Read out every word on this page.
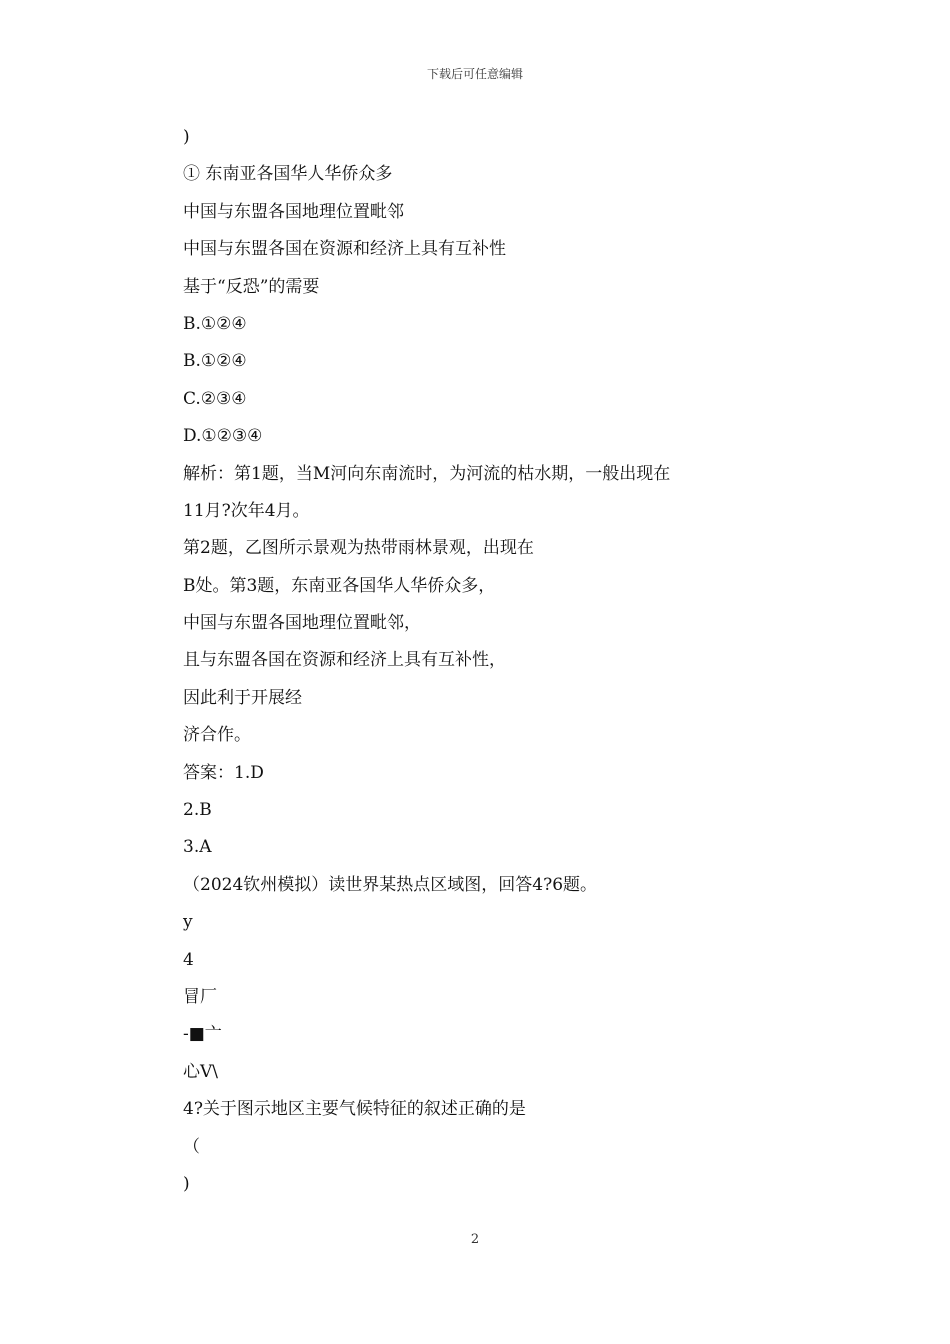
下载后可任意编辑
)
① 东南亚各国华人华侨众多
中国与东盟各国地理位置毗邻
中国与东盟各国在资源和经济上具有互补性
基于“反恐”的需要
B.①②④
B.①②④
C.②③④
D.①②③④
解析：第1题，当M河向东南流时，为河流的枯水期，一般出现在
11月?次年4月。
第2题，乙图所示景观为热带雨林景观，出现在
B处。第3题，东南亚各国华人华侨众多，
中国与东盟各国地理位置毗邻，
且与东盟各国在资源和经济上具有互补性，
因此利于开展经
济合作。
答案：1.D
2.B
3.A
（2024钦州模拟）读世界某热点区域图，回答4?6题。
y
4
冒厂
-■亠
心V\
4?关于图示地区主要气候特征的叙述正确的是
（
)
2
